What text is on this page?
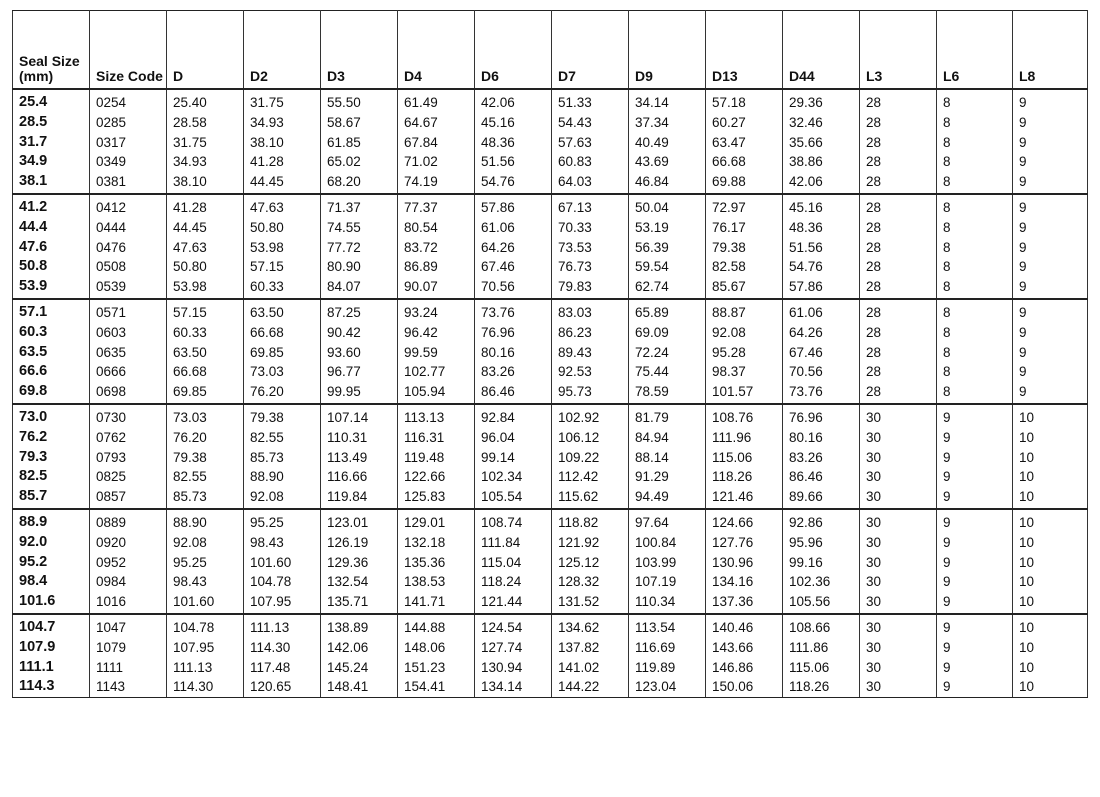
Seal Size (mm)	Size Code	D	D2	D3	D4	D6	D7	D9	D13	D44	L3	L6	L8
25.4	0254	25.40	31.75	55.50	61.49	42.06	51.33	34.14	57.18	29.36	28	8	9
28.5	0285	28.58	34.93	58.67	64.67	45.16	54.43	37.34	60.27	32.46	28	8	9
31.7	0317	31.75	38.10	61.85	67.84	48.36	57.63	40.49	63.47	35.66	28	8	9
34.9	0349	34.93	41.28	65.02	71.02	51.56	60.83	43.69	66.68	38.86	28	8	9
38.1	0381	38.10	44.45	68.20	74.19	54.76	64.03	46.84	69.88	42.06	28	8	9
41.2	0412	41.28	47.63	71.37	77.37	57.86	67.13	50.04	72.97	45.16	28	8	9
44.4	0444	44.45	50.80	74.55	80.54	61.06	70.33	53.19	76.17	48.36	28	8	9
47.6	0476	47.63	53.98	77.72	83.72	64.26	73.53	56.39	79.38	51.56	28	8	9
50.8	0508	50.80	57.15	80.90	86.89	67.46	76.73	59.54	82.58	54.76	28	8	9
53.9	0539	53.98	60.33	84.07	90.07	70.56	79.83	62.74	85.67	57.86	28	8	9
57.1	0571	57.15	63.50	87.25	93.24	73.76	83.03	65.89	88.87	61.06	28	8	9
60.3	0603	60.33	66.68	90.42	96.42	76.96	86.23	69.09	92.08	64.26	28	8	9
63.5	0635	63.50	69.85	93.60	99.59	80.16	89.43	72.24	95.28	67.46	28	8	9
66.6	0666	66.68	73.03	96.77	102.77	83.26	92.53	75.44	98.37	70.56	28	8	9
69.8	0698	69.85	76.20	99.95	105.94	86.46	95.73	78.59	101.57	73.76	28	8	9
73.0	0730	73.03	79.38	107.14	113.13	92.84	102.92	81.79	108.76	76.96	30	9	10
76.2	0762	76.20	82.55	110.31	116.31	96.04	106.12	84.94	111.96	80.16	30	9	10
79.3	0793	79.38	85.73	113.49	119.48	99.14	109.22	88.14	115.06	83.26	30	9	10
82.5	0825	82.55	88.90	116.66	122.66	102.34	112.42	91.29	118.26	86.46	30	9	10
85.7	0857	85.73	92.08	119.84	125.83	105.54	115.62	94.49	121.46	89.66	30	9	10
88.9	0889	88.90	95.25	123.01	129.01	108.74	118.82	97.64	124.66	92.86	30	9	10
92.0	0920	92.08	98.43	126.19	132.18	111.84	121.92	100.84	127.76	95.96	30	9	10
95.2	0952	95.25	101.60	129.36	135.36	115.04	125.12	103.99	130.96	99.16	30	9	10
98.4	0984	98.43	104.78	132.54	138.53	118.24	128.32	107.19	134.16	102.36	30	9	10
101.6	1016	101.60	107.95	135.71	141.71	121.44	131.52	110.34	137.36	105.56	30	9	10
104.7	1047	104.78	111.13	138.89	144.88	124.54	134.62	113.54	140.46	108.66	30	9	10
107.9	1079	107.95	114.30	142.06	148.06	127.74	137.82	116.69	143.66	111.86	30	9	10
111.1	1111	111.13	117.48	145.24	151.23	130.94	141.02	119.89	146.86	115.06	30	9	10
114.3	1143	114.30	120.65	148.41	154.41	134.14	144.22	123.04	150.06	118.26	30	9	10
